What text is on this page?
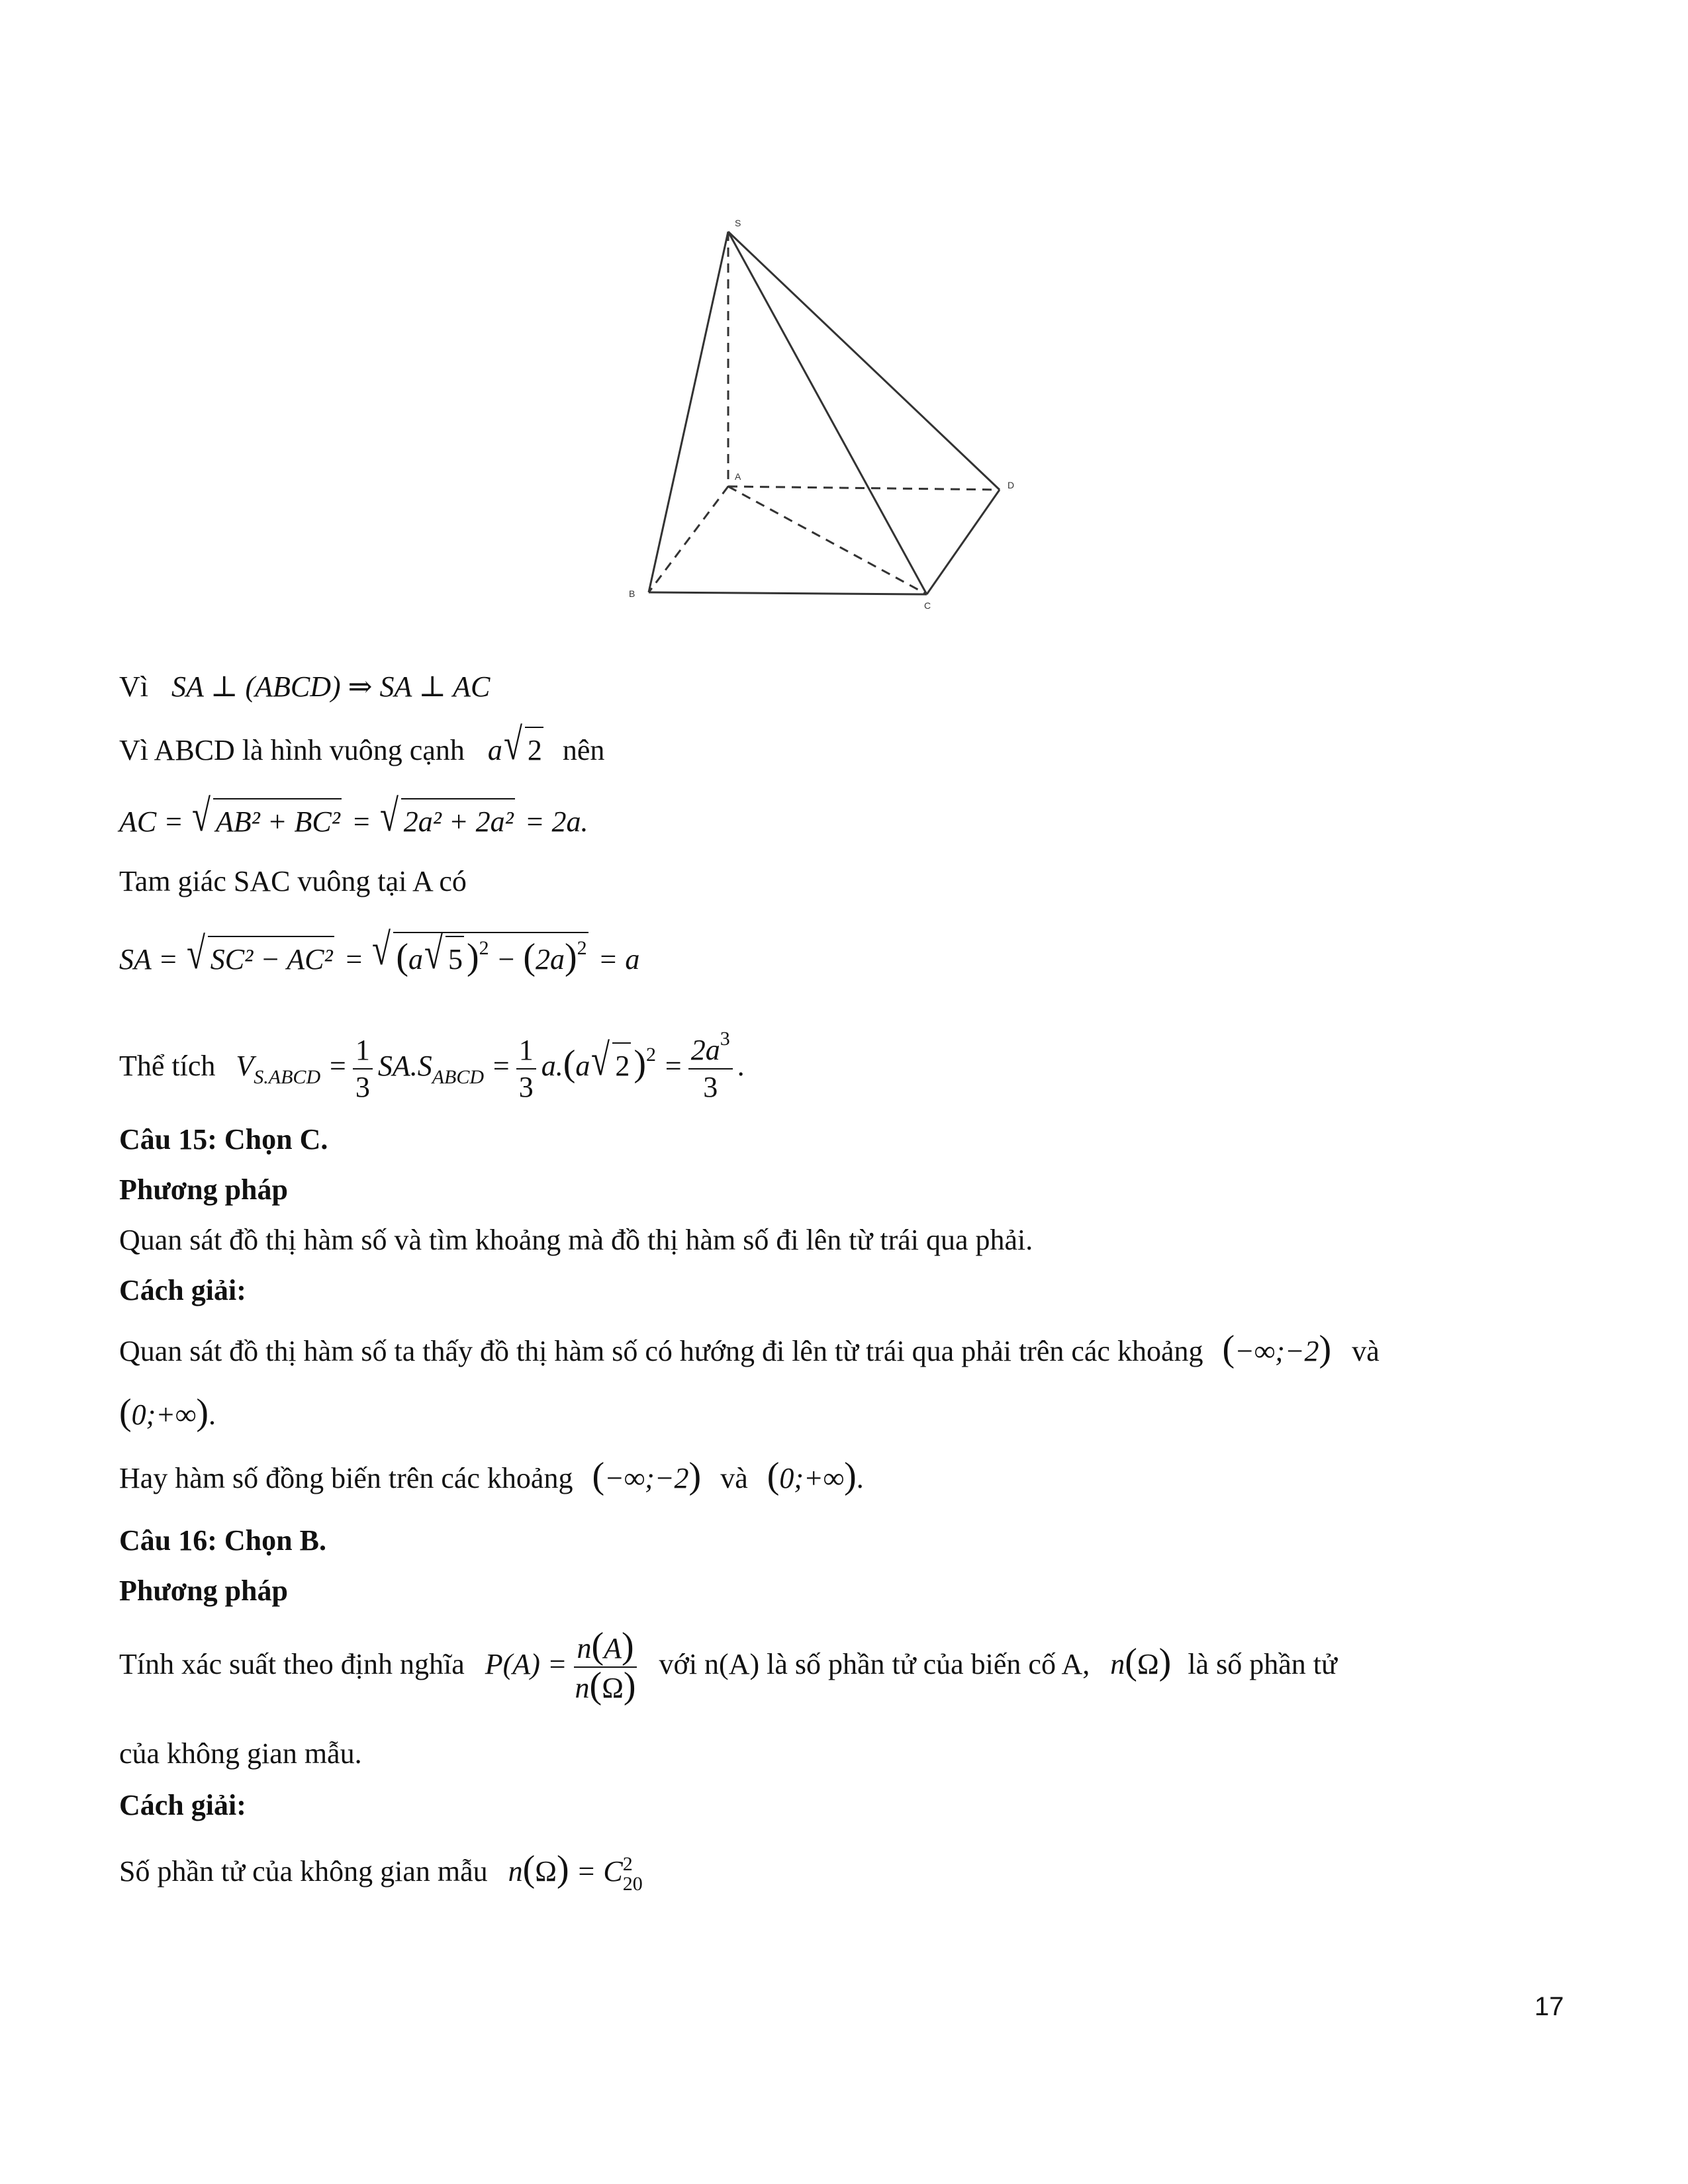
S
A
B
C
D
Vì SA ⊥ (ABCD) ⇒ SA ⊥ AC
Vì ABCD là hình vuông cạnh a √ 2 nên
AC = √ AB² + BC² = √ 2a² + 2a² = 2a.
Tam giác SAC vuông tại A có
SA = √ SC² − AC² = √ (a √ 5 )$^2 - (2a)^2 = a$
Thể tích $V_{S.ABCD} = \frac{1}{3} SA.S_{ABCD} = \frac{1}{3} a.(a$ √ 2 )$^2 = \frac{2a^3}{3}$ .
Câu 15: Chọn C.
Phương pháp
Quan sát đồ thị hàm số và tìm khoảng mà đồ thị hàm số đi lên từ trái qua phải.
Cách giải:
Quan sát đồ thị hàm số ta thấy đồ thị hàm số có hướng đi lên từ trái qua phải trên các khoảng (−∞;−2) và
(0;+∞).
Hay hàm số đồng biến trên các khoảng (−∞;−2) và (0;+∞).
Câu 16: Chọn B.
Phương pháp
Tính xác suất theo định nghĩa $P(A) = \frac{n(A)}{n(\Omega)}$ với n(A) là số phần tử của biến cố A, n(Ω) là số phần tử
của không gian mẫu.
Cách giải:
Số phần tử của không gian mẫu n(Ω) = C 2
20
17
